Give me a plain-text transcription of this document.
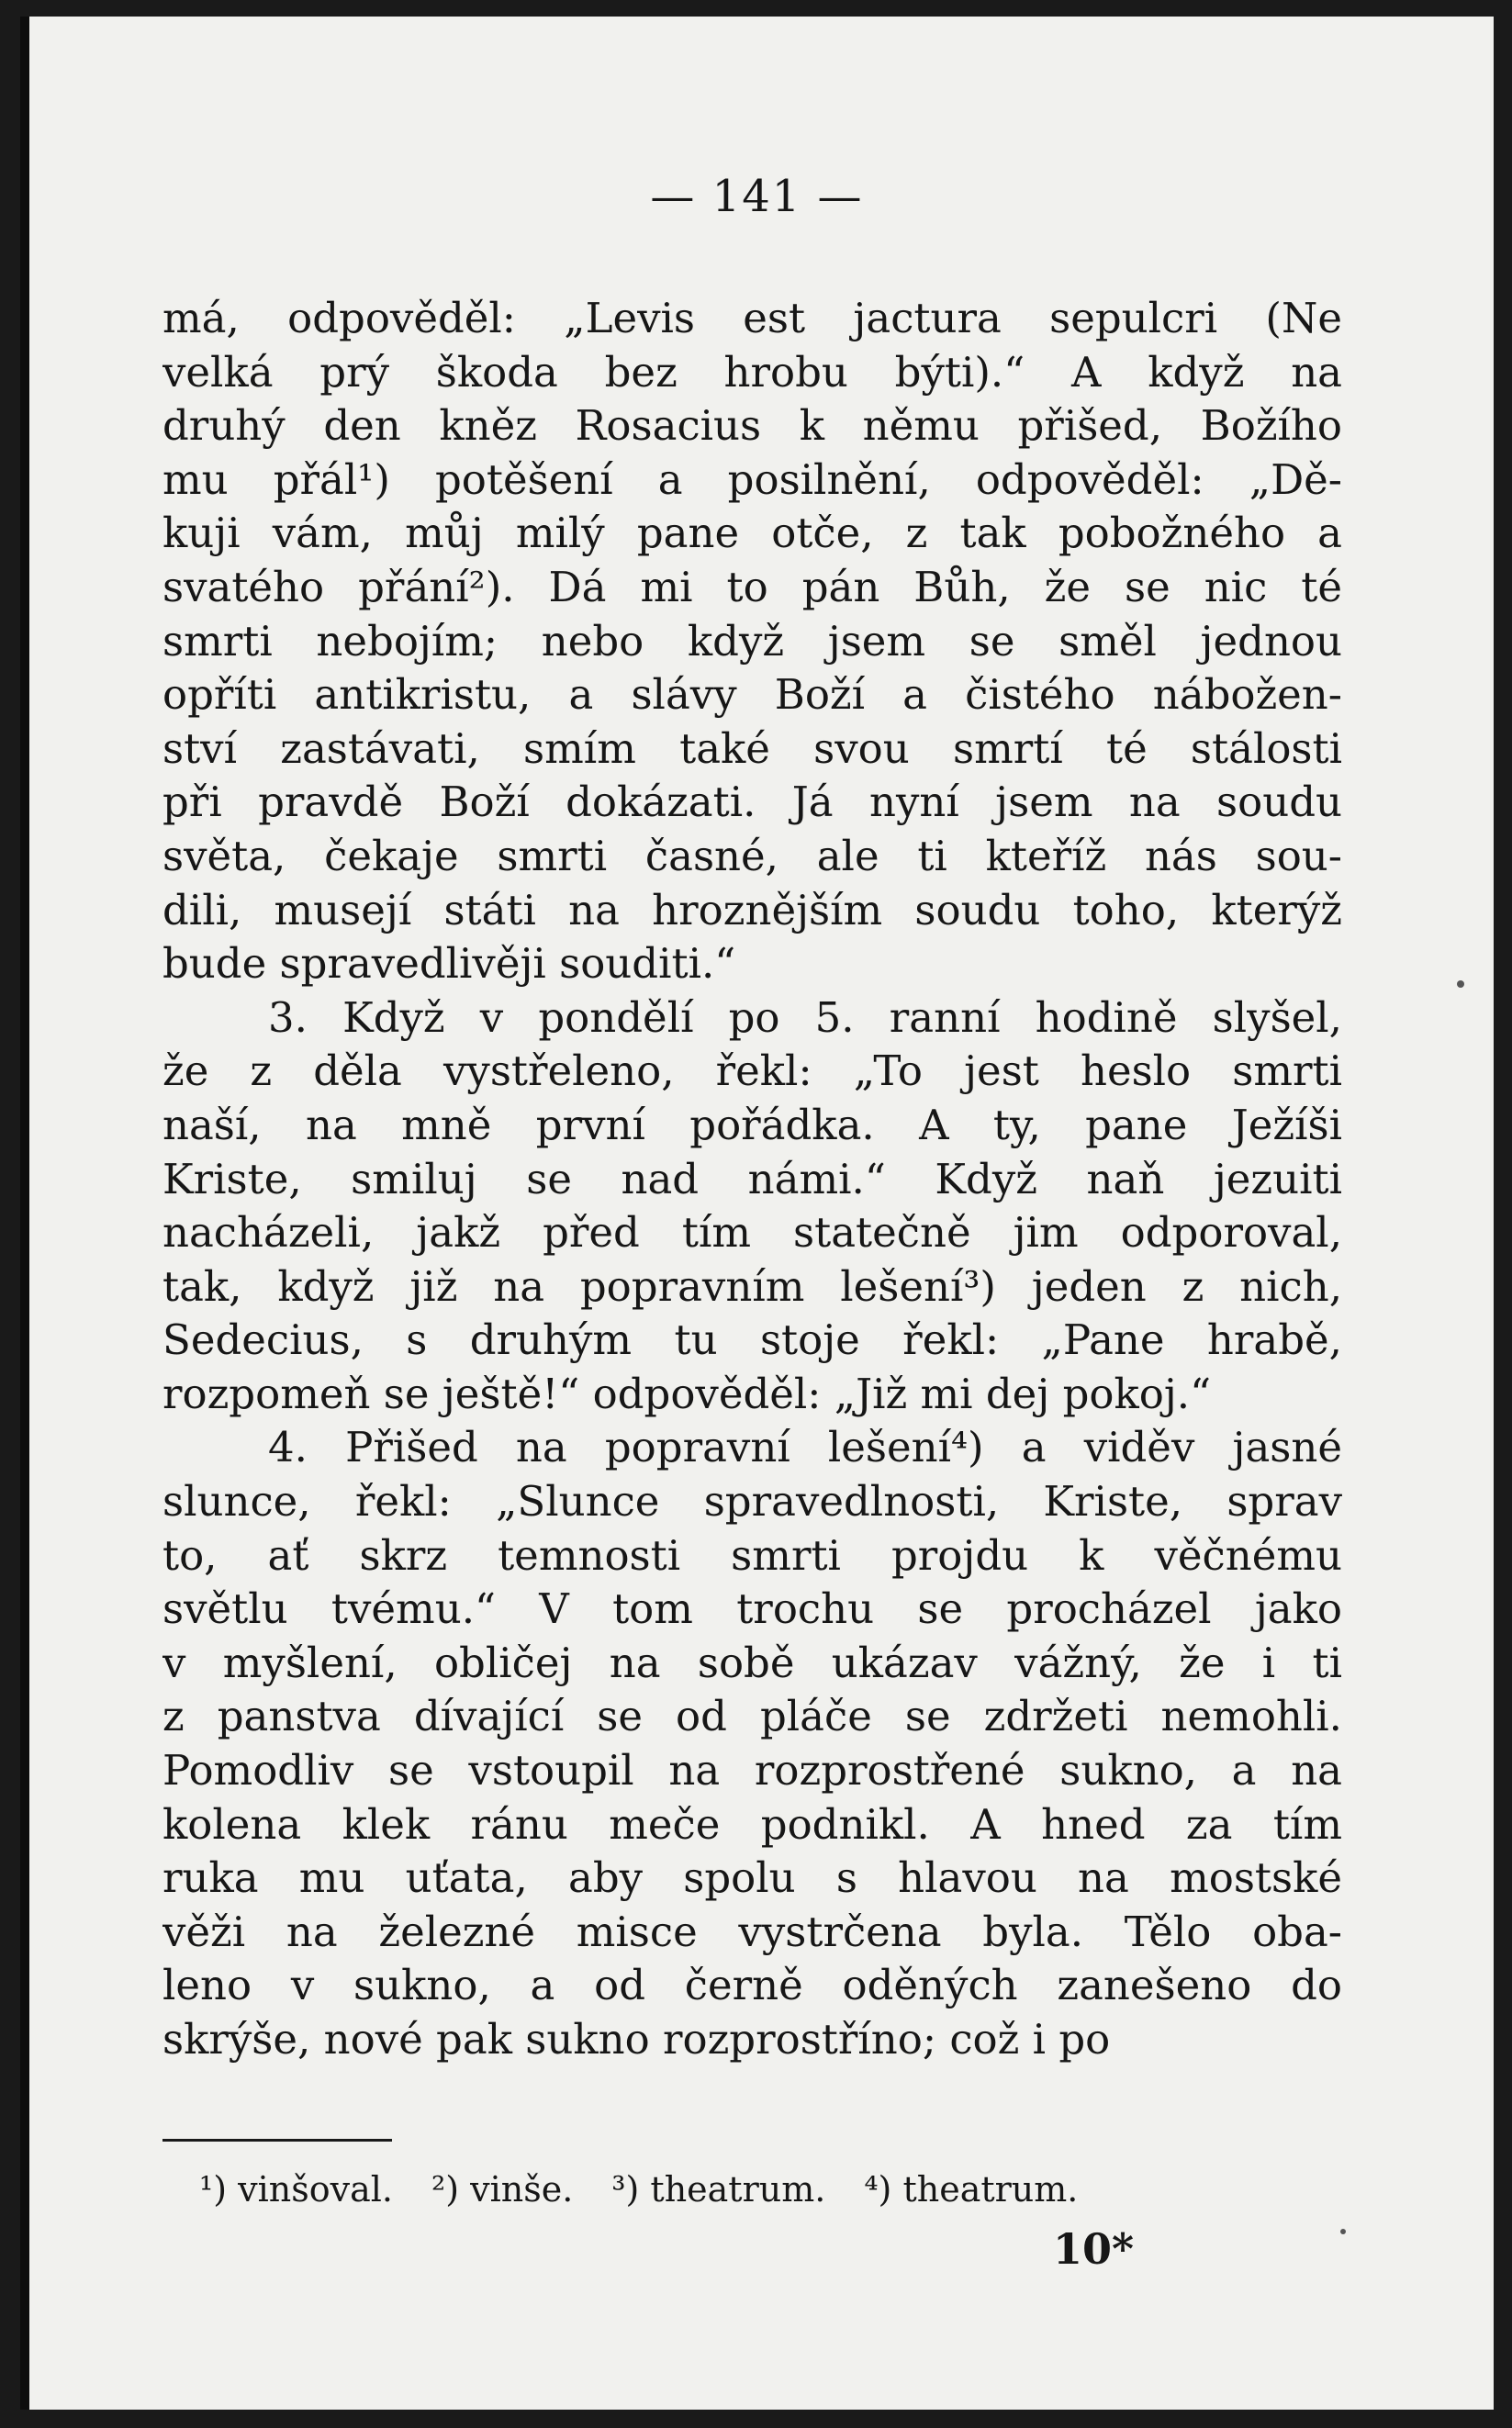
— 141 —
má, odpověděl: „Levis est jactura sepulcri (Ne
velká prý škoda bez hrobu býti).“ A když na
druhý den kněz Rosacius k němu přišed, Božího
mu přál¹) potěšení a posilnění, odpověděl: „Dě-
kuji vám, můj milý pane otče, z tak pobožného a
svatého přání²). Dá mi to pán Bůh, že se nic té
smrti nebojím; nebo když jsem se směl jednou
opříti antikristu, a slávy Boží a čistého nábožen-
ství zastávati, smím také svou smrtí té stálosti
při pravdě Boží dokázati. Já nyní jsem na soudu
světa, čekaje smrti časné, ale ti kteříž nás sou-
dili, musejí státi na hroznějším soudu toho, kterýž
bude spravedlivěji souditi.“
3. Když v pondělí po 5. ranní hodině slyšel,
že z děla vystřeleno, řekl: „To jest heslo smrti
naší, na mně první pořádka. A ty, pane Ježíši
Kriste, smiluj se nad námi.“ Když naň jezuiti
nacházeli, jakž před tím statečně jim odporoval,
tak, když již na popravním lešení³) jeden z nich,
Sedecius, s druhým tu stoje řekl: „Pane hrabě,
rozpomeň se ještě!“ odpověděl: „Již mi dej pokoj.“
4. Přišed na popravní lešení⁴) a viděv jasné
slunce, řekl: „Slunce spravedlnosti, Kriste, sprav
to, ať skrz temnosti smrti projdu k věčnému
světlu tvému.“ V tom trochu se procházel jako
v myšlení, obličej na sobě ukázav vážný, že i ti
z panstva dívající se od pláče se zdržeti nemohli.
Pomodliv se vstoupil na rozprostřené sukno, a na
kolena klek ránu meče podnikl. A hned za tím
ruka mu uťata, aby spolu s hlavou na mostské
věži na železné misce vystrčena byla. Tělo oba-
leno v sukno, a od černě oděných zanešeno do
skrýše, nové pak sukno rozprostříno; což i po
¹) vinšoval. ²) vinše. ³) theatrum. ⁴) theatrum.
10*
